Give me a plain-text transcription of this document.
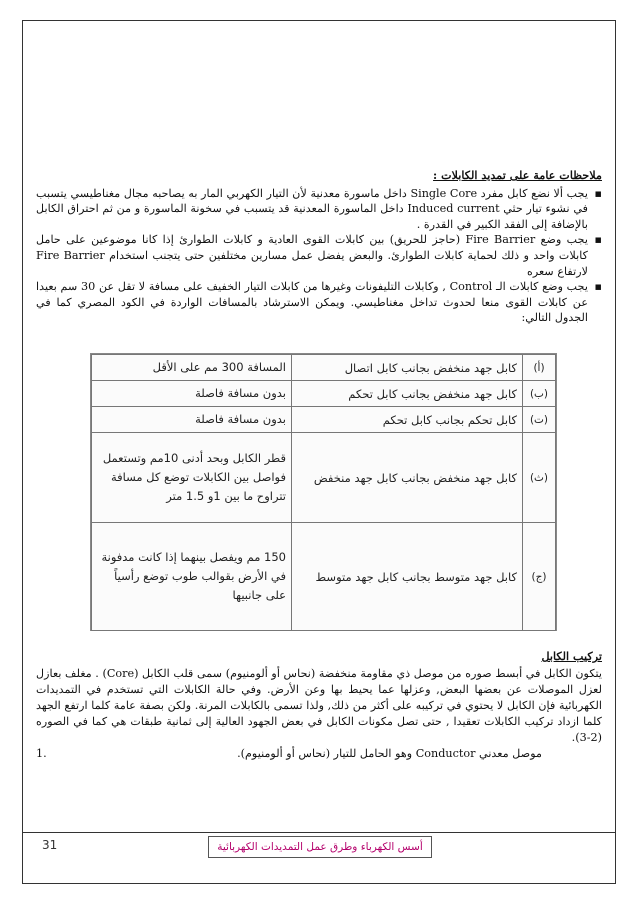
ملاحظات عامة على تمديد الكابلات :

▪ يجب ألا نضع كابل مفرد Single Core داخل ماسورة معدنية لأن التيار الكهربي المار به يصاحبه مجال مغناطيسي يتسبب في نشوء تيار حثي Induced current داخل الماسورة المعدنية قد يتسبب في سخونة الماسورة و من ثم احتراق الكابل بالإضافة إلى الفقد الكبير في القدرة .

▪ يجب وضع Fire Barrier (حاجز للحريق) بين كابلات القوى العادية و كابلات الطوارئ إذا كانا موضوعين على حامل كابلات واحد و ذلك لحماية كابلات الطوارئ. والبعض يفضل عمل مسارين مختلفين حتى يتجنب استخدام Fire Barrier لارتفاع سعره

▪ يجب وضع كابلات الـ Control , وكابلات التليفونات وغيرها من كابلات التيار الخفيف على مسافة لا تقل عن 30 سم بعيدا عن كابلات القوى منعا لحدوث تداخل مغناطيسي. ويمكن الاسترشاد بالمسافات الواردة في الكود المصري كما في الجدول التالي:

(أ)	كابل جهد منخفض بجانب كابل اتصال	المسافة 300 مم على الأقل
(ب)	كابل جهد منخفض بجانب كابل تحكم	بدون مسافة فاصلة
(ت)	كابل تحكم بجانب كابل تحكم	بدون مسافة فاصلة
(ث)	كابل جهد منخفض بجانب كابل جهد منخفض	قطر الكابل وبحد أدنى 10مم وتستعمل فواصل بين الكابلات توضع كل مسافة تتراوح ما بين 1و 1.5 متر
(ج)	كابل جهد متوسط بجانب كابل جهد متوسط	150 مم ويفصل بينهما إذا كانت مدفونة في الأرض بقوالب طوب توضع رأسياً على جانبيها

تركيب الكابل

يتكون الكابل في أبسط صوره من موصل ذي مقاومة منخفضة (نحاس أو ألومنيوم) سمى قلب الكابل (Core) . مغلف بعازل لعزل الموصلات عن بعضها البعض, وعزلها عما يحيط بها وعن الأرض. وفي حالة الكابلات التي تستخدم في التمديدات الكهربائية فإن الكابل لا يحتوي في تركيبه على أكثر من ذلك, ولذا تسمى بالكابلات المرنة. ولكن بصفة عامة كلما ارتفع الجهد كلما ازداد تركيب الكابلات تعقيدا , حتى تصل مكونات الكابل في بعض الجهود العالية إلى ثمانية طبقات هي كما في الصوره (2-3).

موصل معدني Conductor وهو الحامل للتيار (نحاس أو ألومنيوم).
1.
31	أسس الكهرباء وطرق عمل التمديدات الكهربائية
